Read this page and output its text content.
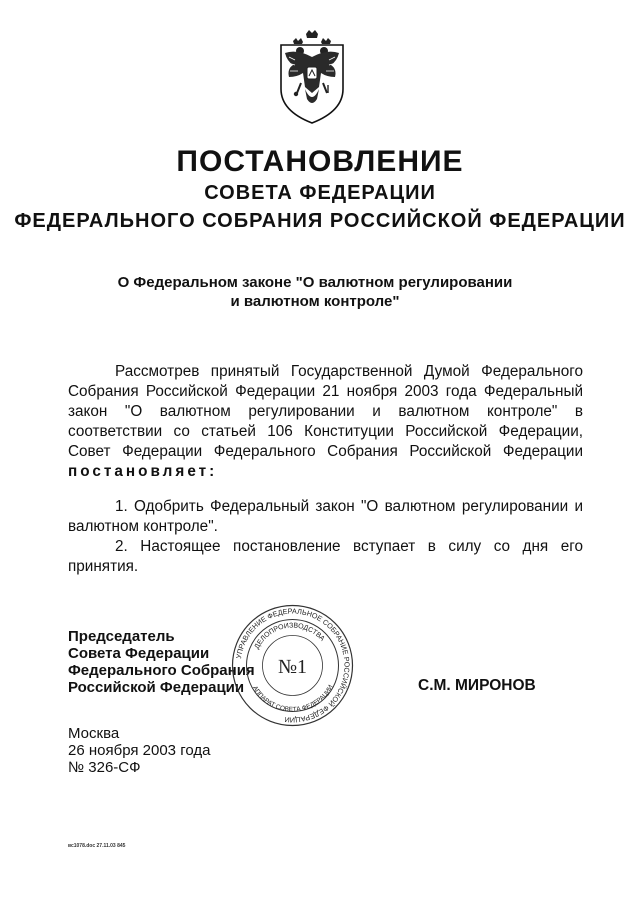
ПОСТАНОВЛЕНИЕ
СОВЕТА ФЕДЕРАЦИИ
ФЕДЕРАЛЬНОГО СОБРАНИЯ РОССИЙСКОЙ ФЕДЕРАЦИИ
О Федеральном законе "О валютном регулировании
и валютном контроле"
Рассмотрев принятый Государственной Думой Федерального Собрания Российской Федерации 21 ноября 2003 года Федеральный закон "О валютном регулировании и валютном контроле" в соответствии со статьей 106 Конституции Российской Федерации, Совет Федерации Федерального Собрания Российской Федерации постановляет:
1. Одобрить Федеральный закон "О валютном регулировании и валютном контроле".
2. Настоящее постановление вступает в силу со дня его принятия.
Председатель
Совета Федерации
Федерального Собрания
Российской Федерации
УПРАВЛЕНИЕ ФЕДЕРАЛЬНОЕ СОБРАНИЕ РОССИЙСКОЙ ФЕДЕРАЦИИ
ДЕЛОПРОИЗВОДСТВА
АППАРАТ СОВЕТА ФЕДЕРАЦИИ
№1
С.М. МИРОНОВ
Москва
26 ноября 2003 года
№ 326-СФ
вс1078.doc 27.11.03 845
